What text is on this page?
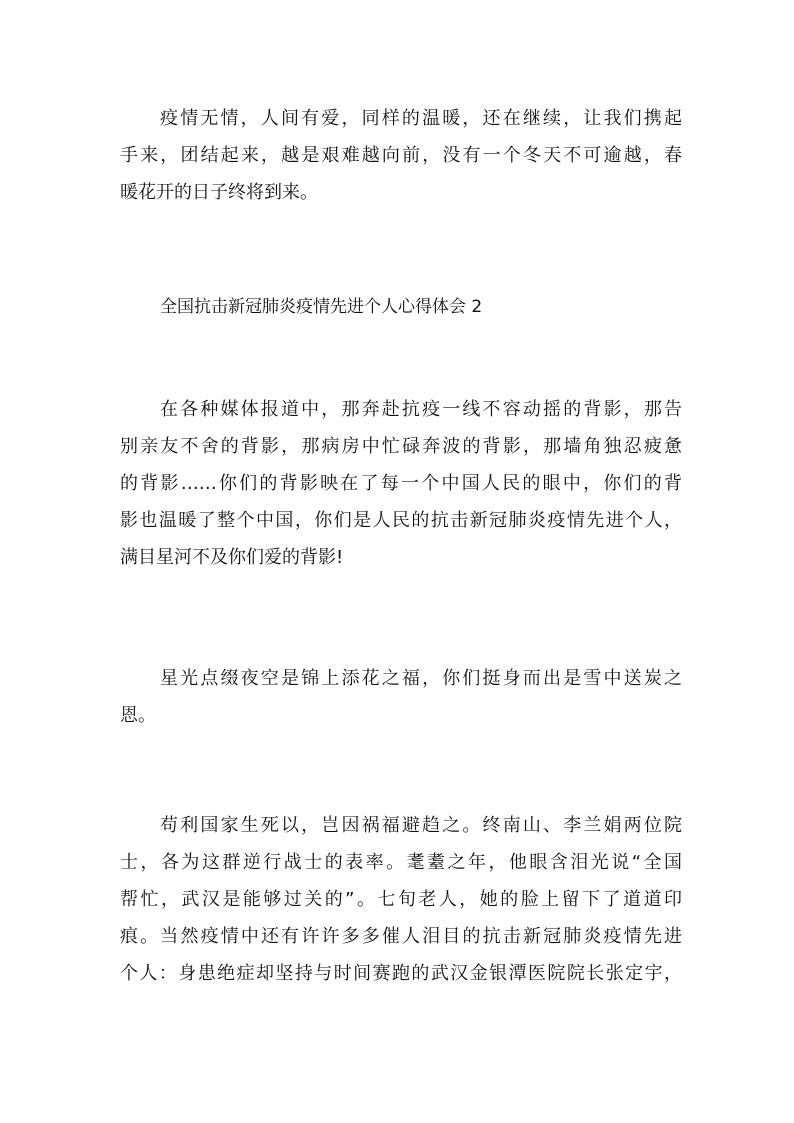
疫情无情，人间有爱，同样的温暖，还在继续，让我们携起
手来，团结起来，越是艰难越向前，没有一个冬天不可逾越，春
暖花开的日子终将到来。

全国抗击新冠肺炎疫情先进个人心得体会 2

在各种媒体报道中，那奔赴抗疫一线不容动摇的背影，那告
别亲友不舍的背影，那病房中忙碌奔波的背影，那墙角独忍疲惫
的背影……你们的背影映在了每一个中国人民的眼中，你们的背
影也温暖了整个中国，你们是人民的抗击新冠肺炎疫情先进个人，
满目星河不及你们爱的背影!
星光点缀夜空是锦上添花之福，你们挺身而出是雪中送炭之
恩。
苟利国家生死以，岂因祸福避趋之。终南山、李兰娟两位院
士，各为这群逆行战士的表率。耄耋之年，他眼含泪光说“全国
帮忙，武汉是能够过关的”。七旬老人，她的脸上留下了道道印
痕。当然疫情中还有许许多多催人泪目的抗击新冠肺炎疫情先进
个人：身患绝症却坚持与时间赛跑的武汉金银潭医院院长张定宇，
